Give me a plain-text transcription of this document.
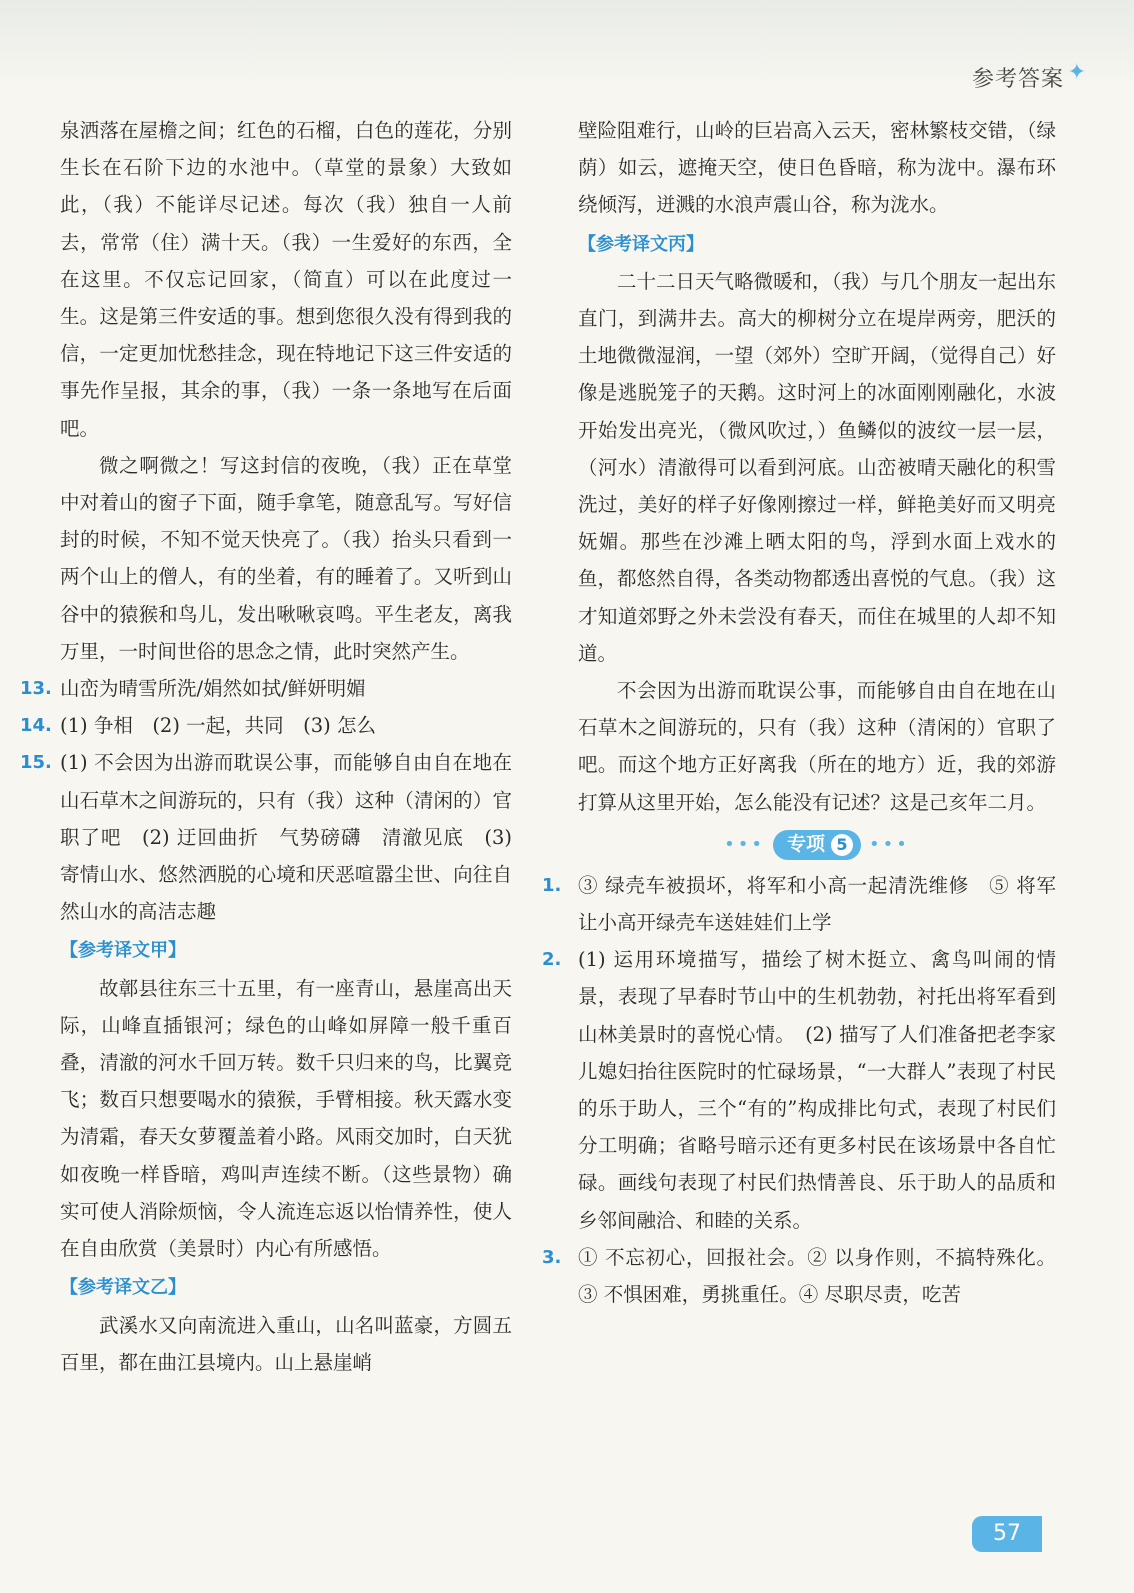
参考答案 ✦
泉洒落在屋檐之间；红色的石榴，白色的莲花，分别生长在石阶下边的水池中。（草堂的景象）大致如此，（我）不能详尽记述。每次（我）独自一人前去，常常（住）满十天。（我）一生爱好的东西，全在这里。不仅忘记回家，（简直）可以在此度过一生。这是第三件安适的事。想到您很久没有得到我的信，一定更加忧愁挂念，现在特地记下这三件安适的事先作呈报，其余的事，（我）一条一条地写在后面吧。
微之啊微之！写这封信的夜晚，（我）正在草堂中对着山的窗子下面，随手拿笔，随意乱写。写好信封的时候，不知不觉天快亮了。（我）抬头只看到一两个山上的僧人，有的坐着，有的睡着了。又听到山谷中的猿猴和鸟儿，发出啾啾哀鸣。平生老友，离我万里，一时间世俗的思念之情，此时突然产生。
13. 山峦为晴雪所洗/娟然如拭/鲜妍明媚
14. (1) 争相　(2) 一起，共同　(3) 怎么
15. (1) 不会因为出游而耽误公事，而能够自由自在地在山石草木之间游玩的，只有（我）这种（清闲的）官职了吧　(2) 迂回曲折　气势磅礴　清澈见底　(3) 寄情山水、悠然洒脱的心境和厌恶喧嚣尘世、向往自然山水的高洁志趣
【参考译文甲】
故鄣县往东三十五里，有一座青山，悬崖高出天际，山峰直插银河；绿色的山峰如屏障一般千重百叠，清澈的河水千回万转。数千只归来的鸟，比翼竞飞；数百只想要喝水的猿猴，手臂相接。秋天露水变为清霜，春天女萝覆盖着小路。风雨交加时，白天犹如夜晚一样昏暗，鸡叫声连续不断。（这些景物）确实可使人消除烦恼，令人流连忘返以怡情养性，使人在自由欣赏（美景时）内心有所感悟。
【参考译文乙】
武溪水又向南流进入重山，山名叫蓝豪，方圆五百里，都在曲江县境内。山上悬崖峭
壁险阻难行，山岭的巨岩高入云天，密林繁枝交错，（绿荫）如云，遮掩天空，使日色昏暗，称为泷中。瀑布环绕倾泻，迸溅的水浪声震山谷，称为泷水。
【参考译文丙】
二十二日天气略微暖和，（我）与几个朋友一起出东直门，到满井去。高大的柳树分立在堤岸两旁，肥沃的土地微微湿润，一望（郊外）空旷开阔，（觉得自己）好像是逃脱笼子的天鹅。这时河上的冰面刚刚融化，水波开始发出亮光，（微风吹过，）鱼鳞似的波纹一层一层，（河水）清澈得可以看到河底。山峦被晴天融化的积雪洗过，美好的样子好像刚擦过一样，鲜艳美好而又明亮妩媚。那些在沙滩上晒太阳的鸟，浮到水面上戏水的鱼，都悠然自得，各类动物都透出喜悦的气息。（我）这才知道郊野之外未尝没有春天，而住在城里的人却不知道。
不会因为出游而耽误公事，而能够自由自在地在山石草木之间游玩的，只有（我）这种（清闲的）官职了吧。而这个地方正好离我（所在的地方）近，我的郊游打算从这里开始，怎么能没有记述？这是己亥年二月。
••• 专项 5	•••
1. ③ 绿壳车被损坏，将军和小高一起清洗维修　⑤ 将军让小高开绿壳车送娃娃们上学
2. (1) 运用环境描写，描绘了树木挺立、禽鸟叫闹的情景，表现了早春时节山中的生机勃勃，衬托出将军看到山林美景时的喜悦心情。　(2) 描写了人们准备把老李家儿媳妇抬往医院时的忙碌场景，“一大群人”表现了村民的乐于助人，三个“有的”构成排比句式，表现了村民们分工明确；省略号暗示还有更多村民在该场景中各自忙碌。画线句表现了村民们热情善良、乐于助人的品质和乡邻间融洽、和睦的关系。
3. ① 不忘初心，回报社会。② 以身作则，不搞特殊化。③ 不惧困难，勇挑重任。④ 尽职尽责，吃苦
57
